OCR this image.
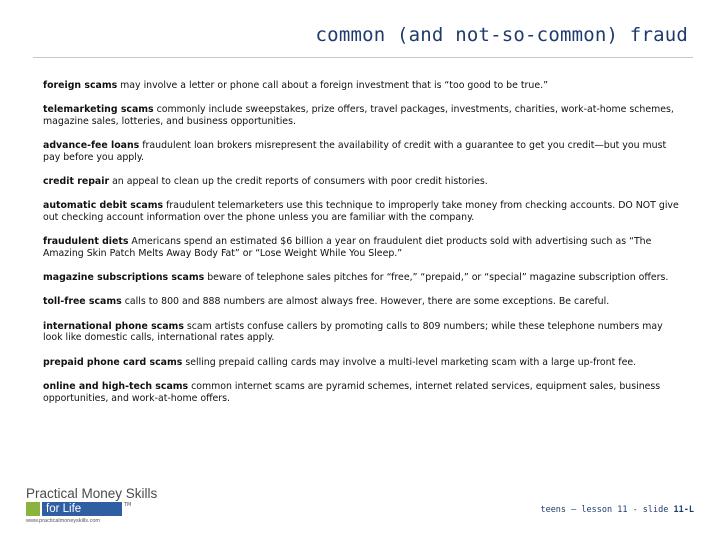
common (and not-so-common) fraud
foreign scams may involve a letter or phone call about a foreign investment that is “too good to be true.”
telemarketing scams commonly include sweepstakes, prize offers, travel packages, investments, charities, work-at-home schemes, magazine sales, lotteries, and business opportunities.
advance-fee loans fraudulent loan brokers misrepresent the availability of credit with a guarantee to get you credit—but you must pay before you apply.
credit repair an appeal to clean up the credit reports of consumers with poor credit histories.
automatic debit scams fraudulent telemarketers use this technique to improperly take money from checking accounts. DO NOT give out checking account information over the phone unless you are familiar with the company.
fraudulent diets Americans spend an estimated $6 billion a year on fraudulent diet products sold with advertising such as “The Amazing Skin Patch Melts Away Body Fat” or “Lose Weight While You Sleep.”
magazine subscriptions scams beware of telephone sales pitches for “free,” “prepaid,” or “special” magazine subscription offers.
toll-free scams calls to 800 and 888 numbers are almost always free. However, there are some exceptions. Be careful.
international phone scams scam artists confuse callers by promoting calls to 809 numbers; while these telephone numbers may look like domestic calls, international rates apply.
prepaid phone card scams selling prepaid calling cards may involve a multi-level marketing scam with a large up-front fee.
online and high-tech scams common internet scams are pyramid schemes, internet related services, equipment sales, business opportunities, and work-at-home offers.
Practical Money Skills
for Life	TM
www.practicalmoneyskills.com
teens – lesson 11 - slide 11-L
